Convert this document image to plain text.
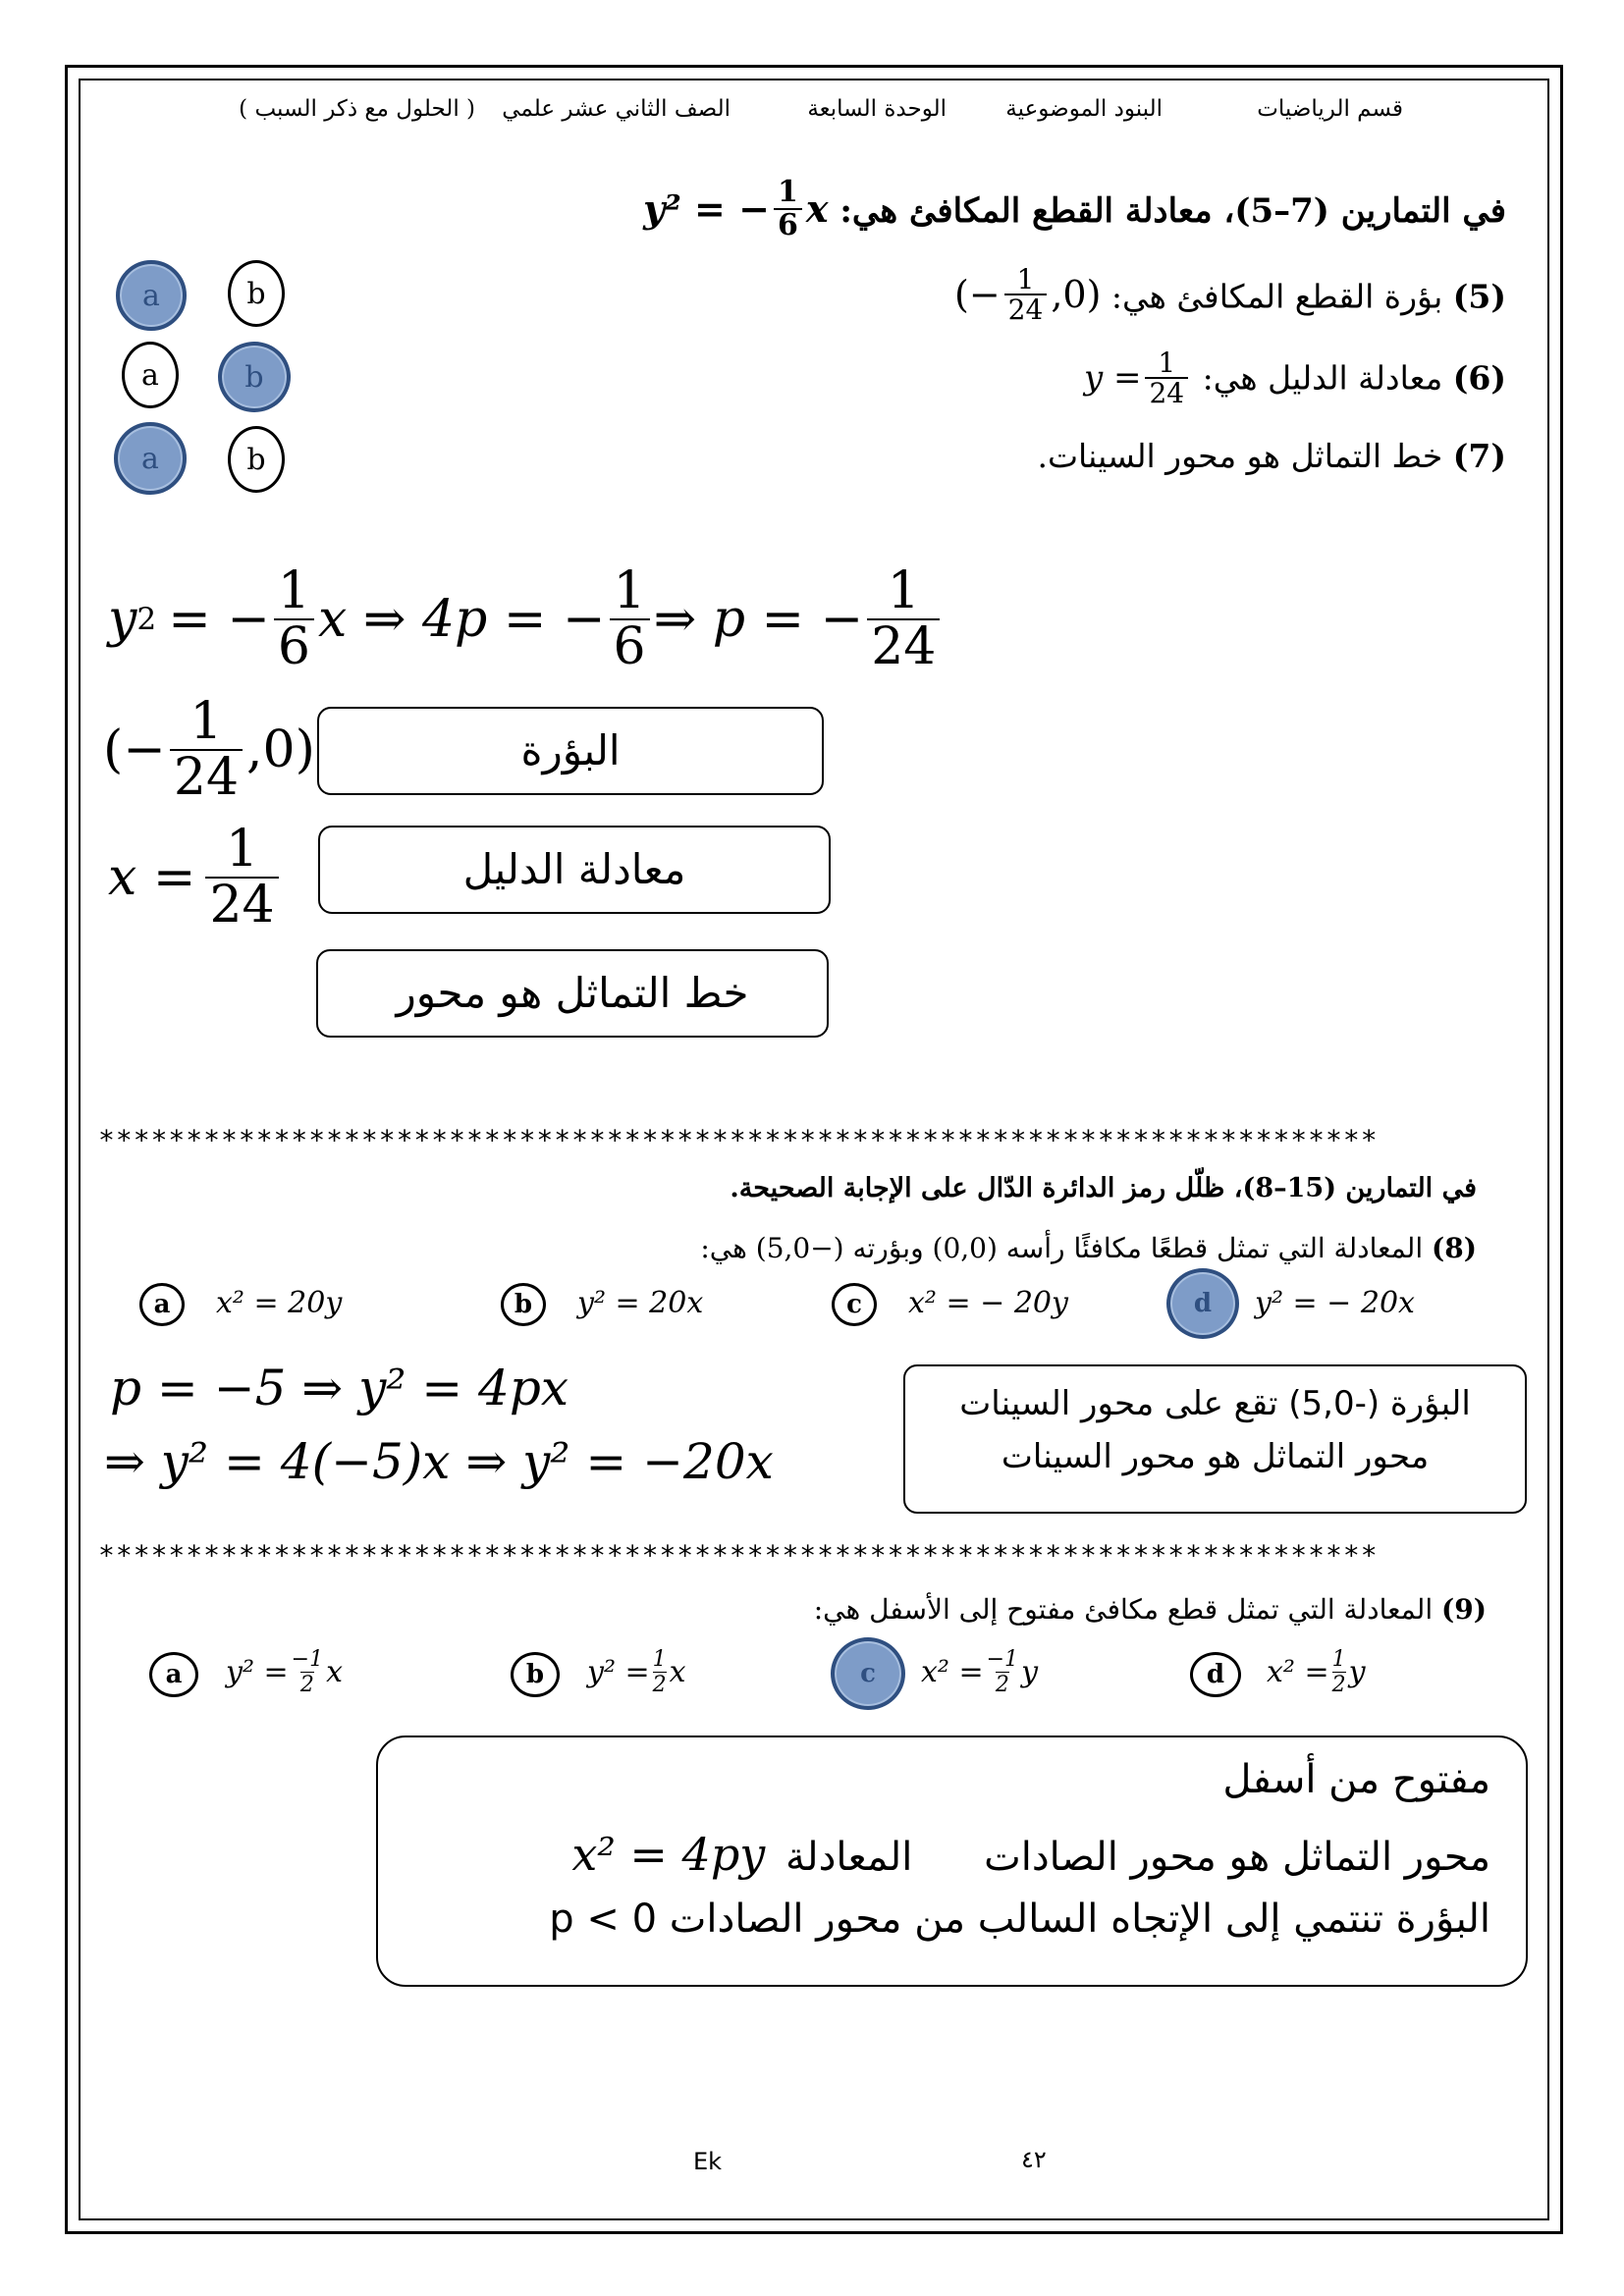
قسم الرياضيات
البنود الموضوعية
الوحدة السابعة
الصف الثاني عشر علمي
( الحلول مع ذكر السبب )
في التمارين (7–5)، معادلة القطع المكافئ هي:
y² = − $\frac{1}{6}$ x
(5) بؤرة القطع المكافئ هي:
(− $\frac{1}{24} ,0$)
(6) معادلة الدليل هي:
$y = \frac{1}{24}$
(7) خط التماثل هو محور السينات.
a	b
a	b
a	b
y 2 = − $\frac{1}{6}$ x ⇒ 4p = − $\frac{1}{6}$ ⇒ p = − $\frac{1}{24}$
(− $\frac{1}{24} ,0$)
$x = \frac{1}{24}$
البؤرة
معادلة الدليل
خط التماثل هو محور
*************************************************************************
في التمارين (15–8)، ظلّل رمز الدائرة الدّال على الإجابة الصحيحة.
(8) المعادلة التي تمثل قطعًا مكافئًا رأسه (0,0) وبؤرته (−5,0) هي:
a x² = 20y	b y² = 20x	c x² = − 20y	d y² = − 20x
p = −5 ⇒ y² = 4px
⇒ y² = 4(−5)x ⇒ y² = −20x
البؤرة (-5,0) تقع على محور السينات
محور التماثل هو محور السينات
*************************************************************************
(9) المعادلة التي تمثل قطع مكافئ مفتوح إلى الأسفل هي:
a $y^2 = \frac{-1}{2}$ x	b $y^2 = \frac{1}{2}$ x	c $x^2 = \frac{-1}{2}$ y	d $x^2 = \frac{1}{2}$ y
مفتوح من أسفل
محور التماثل هو محور الصادات المعادلة x² = 4py
البؤرة تنتمي إلى الإتجاه السالب من محور الصادات 0 > p
Ek	٤٢
